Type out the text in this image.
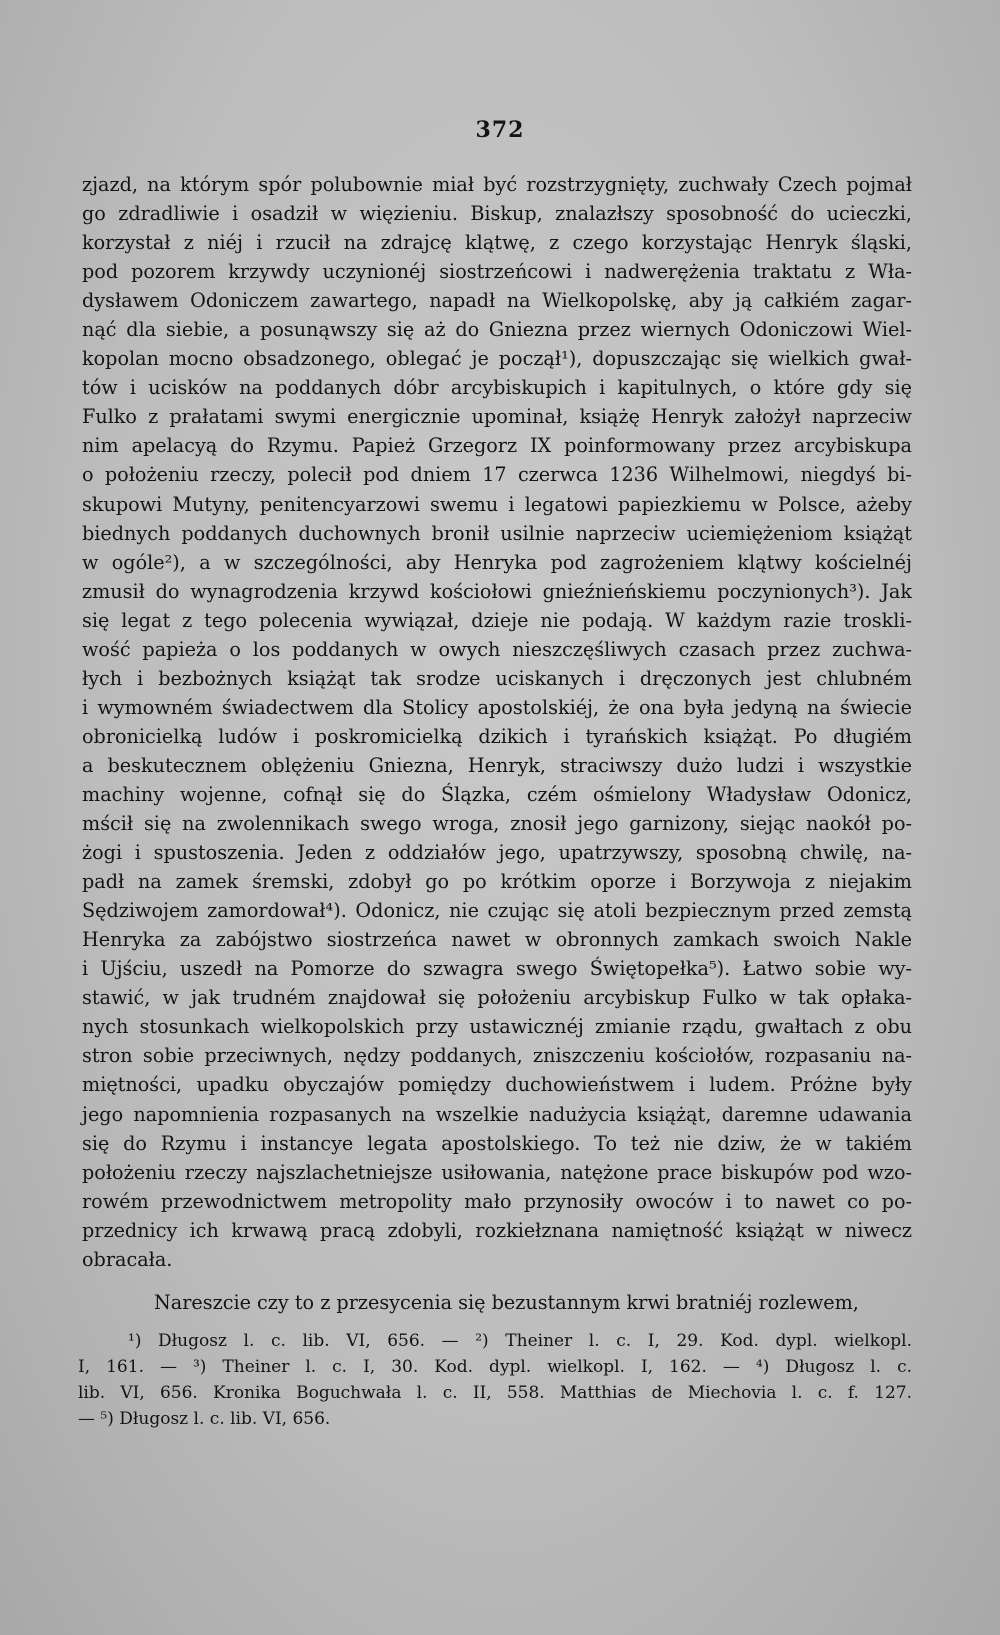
372
zjazd, na którym spór polubownie miał być rozstrzygnięty, zuchwały Czech pojmał
go zdradliwie i osadził w więzieniu. Biskup, znalazłszy sposobność do ucieczki,
korzystał z niéj i rzucił na zdrajcę klątwę, z czego korzystając Henryk śląski,
pod pozorem krzywdy uczynionéj siostrzeńcowi i nadwerężenia traktatu z Wła-
dysławem Odoniczem zawartego, napadł na Wielkopolskę, aby ją całkiém zagar-
nąć dla siebie, a posunąwszy się aż do Gniezna przez wiernych Odoniczowi Wiel-
kopolan mocno obsadzonego, oblegać je począł¹), dopuszczając się wielkich gwał-
tów i ucisków na poddanych dóbr arcybiskupich i kapitulnych, o które gdy się
Fulko z prałatami swymi energicznie upominał, książę Henryk założył naprzeciw
nim apelacyą do Rzymu. Papież Grzegorz IX poinformowany przez arcybiskupa
o położeniu rzeczy, polecił pod dniem 17 czerwca 1236 Wilhelmowi, niegdyś bi-
skupowi Mutyny, penitencyarzowi swemu i legatowi papiezkiemu w Polsce, ażeby
biednych poddanych duchownych bronił usilnie naprzeciw uciemiężeniom książąt
w ogóle²), a w szczególności, aby Henryka pod zagrożeniem klątwy kościelnéj
zmusił do wynagrodzenia krzywd kościołowi gnieźnieńskiemu poczynionych³). Jak
się legat z tego polecenia wywiązał, dzieje nie podają. W każdym razie troskli-
wość papieża o los poddanych w owych nieszczęśliwych czasach przez zuchwa-
łych i bezbożnych książąt tak srodze uciskanych i dręczonych jest chlubném
i wymowném świadectwem dla Stolicy apostolskiéj, że ona była jedyną na świecie
obronicielką ludów i poskromicielką dzikich i tyrańskich książąt. Po długiém
a beskutecznem oblężeniu Gniezna, Henryk, straciwszy dużo ludzi i wszystkie
machiny wojenne, cofnął się do Ślązka, czém ośmielony Władysław Odonicz,
mścił się na zwolennikach swego wroga, znosił jego garnizony, siejąc naokół po-
żogi i spustoszenia. Jeden z oddziałów jego, upatrzywszy, sposobną chwilę, na-
padł na zamek śremski, zdobył go po krótkim oporze i Borzywoja z niejakim
Sędziwojem zamordował⁴). Odonicz, nie czując się atoli bezpiecznym przed zemstą
Henryka za zabójstwo siostrzeńca nawet w obronnych zamkach swoich Nakle
i Ujściu, uszedł na Pomorze do szwagra swego Świętopełka⁵). Łatwo sobie wy-
stawić, w jak trudném znajdował się położeniu arcybiskup Fulko w tak opłaka-
nych stosunkach wielkopolskich przy ustawicznéj zmianie rządu, gwałtach z obu
stron sobie przeciwnych, nędzy poddanych, zniszczeniu kościołów, rozpasaniu na-
miętności, upadku obyczajów pomiędzy duchowieństwem i ludem. Próżne były
jego napomnienia rozpasanych na wszelkie nadużycia książąt, daremne udawania
się do Rzymu i instancye legata apostolskiego. To też nie dziw, że w takiém
położeniu rzeczy najszlachetniejsze usiłowania, natężone prace biskupów pod wzo-
rowém przewodnictwem metropolity mało przynosiły owoców i to nawet co po-
przednicy ich krwawą pracą zdobyli, rozkiełznana namiętność książąt w niwecz
obracała.
Nareszcie czy to z przesycenia się bezustannym krwi bratniéj rozlewem,
¹) Długosz l. c. lib. VI, 656. — ²) Theiner l. c. I, 29. Kod. dypl. wielkopl.
I, 161. — ³) Theiner l. c. I, 30. Kod. dypl. wielkopl. I, 162. — ⁴) Długosz l. c.
lib. VI, 656. Kronika Boguchwała l. c. II, 558. Matthias de Miechovia l. c. f. 127.
— ⁵) Długosz l. c. lib. VI, 656.
